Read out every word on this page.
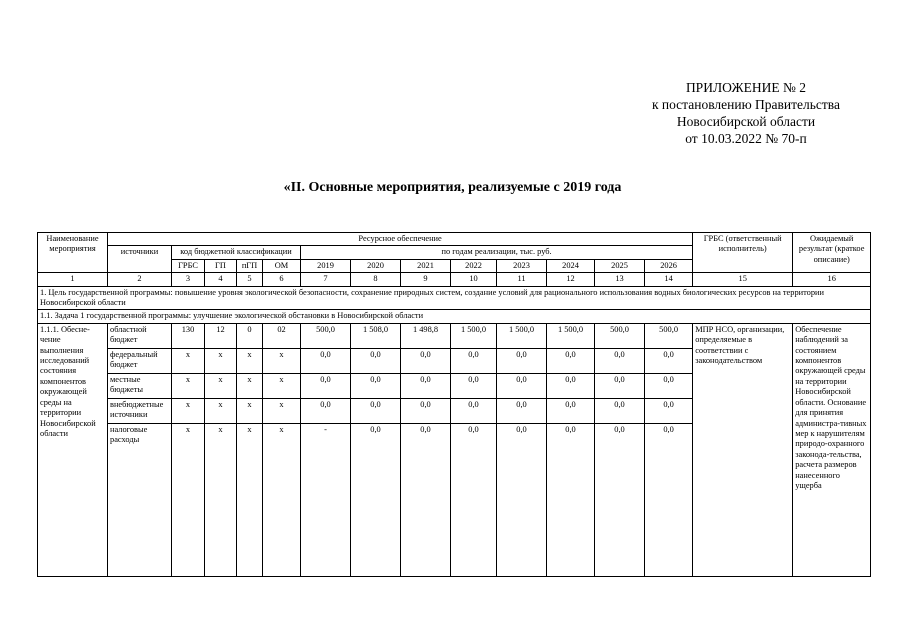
ПРИЛОЖЕНИЕ № 2
к постановлению Правительства
Новосибирской области
от 10.03.2022 № 70-п
«II. Основные мероприятия, реализуемые с 2019 года
Наименование мероприятия	Ресурсное обеспечение													ГРБС (ответственный исполнитель)	Ожидаемый результат (краткое описание)
	источники	код бюджетной классификации				по годам реализации, тыс. руб.									
		ГРБС	ГП	пГП	ОМ	2019	2020	2021	2022	2023	2024	2025	2026		
1	2	3	4	5	6	7	8	9	10	11	12	13	14	15	16
1. Цель государственной программы: повышение уровня экологической безопасности, сохранение природных систем, создание условий для рационального использования водных биологических ресурсов на территории Новосибирской области															
1.1. Задача 1 государственной программы: улучшение экологической обстановки в Новосибирской области															
1.1.1. Обесне-чение выполнения исследований состояния компонентов окружающей среды на территории Новосибирской области	областной бюджет	130	12	0	02	500,0	1 508,0	1 498,8	1 500,0	1 500,0	1 500,0	500,0	500,0	МПР НСО, организации, определяемые в соответствии с законодательством	Обеспечение наблюдений за состоянием компонентов окружающей среды на территории Новосибирской области. Основание для принятия администра-тивных мер к нарушителям природо-охранного законода-тельства, расчета размеров нанесенного ущерба
	федеральный бюджет	x	x	x	x	0,0	0,0	0,0	0,0	0,0	0,0	0,0	0,0		
	местные бюджеты	x	x	x	x	0,0	0,0	0,0	0,0	0,0	0,0	0,0	0,0		
	внебюджетные источники	x	x	x	x	0,0	0,0	0,0	0,0	0,0	0,0	0,0	0,0		
	налоговые расходы	x	x	x	x	-	0,0	0,0	0,0	0,0	0,0	0,0	0,0		
